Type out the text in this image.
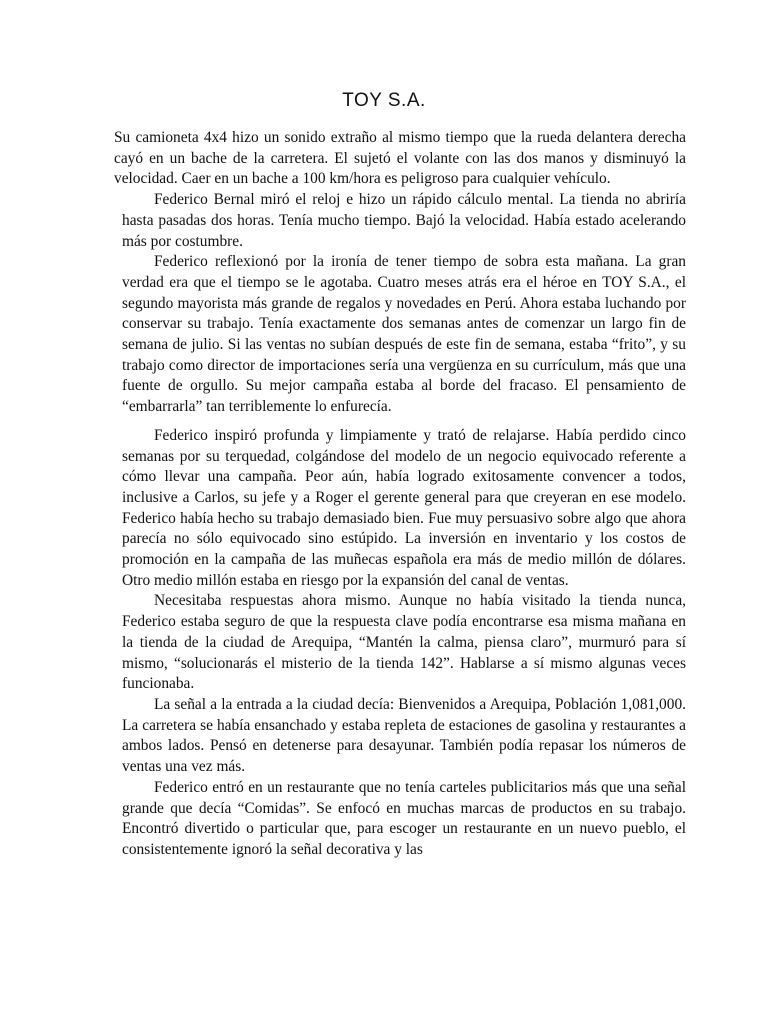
TOY S.A.

Su camioneta 4x4 hizo un sonido extraño al mismo tiempo que la rueda delantera derecha cayó en un bache de la carretera. El sujetó el volante con las dos manos y disminuyó la velocidad. Caer en un bache a 100 km/hora es peligroso para cualquier vehículo.

Federico Bernal miró el reloj e hizo un rápido cálculo mental. La tienda no abriría hasta pasadas dos horas. Tenía mucho tiempo. Bajó la velocidad. Había estado acelerando más por costumbre.

Federico reflexionó por la ironía de tener tiempo de sobra esta mañana. La gran verdad era que el tiempo se le agotaba. Cuatro meses atrás era el héroe en TOY S.A., el segundo mayorista más grande de regalos y novedades en Perú. Ahora estaba luchando por conservar su trabajo. Tenía exactamente dos semanas antes de comenzar un largo fin de semana de julio. Si las ventas no subían después de este fin de semana, estaba “frito”, y su trabajo como director de importaciones sería una vergüenza en su currículum, más que una fuente de orgullo. Su mejor campaña estaba al borde del fracaso. El pensamiento de “embarrarla” tan terriblemente lo enfurecía.

Federico inspiró profunda y limpiamente y trató de relajarse. Había perdido cinco semanas por su terquedad, colgándose del modelo de un negocio equivocado referente a cómo llevar una campaña. Peor aún, había logrado exitosamente convencer a todos, inclusive a Carlos, su jefe y a Roger el gerente general para que creyeran en ese modelo. Federico había hecho su trabajo demasiado bien. Fue muy persuasivo sobre algo que ahora parecía no sólo equivocado sino estúpido. La inversión en inventario y los costos de promoción en la campaña de las muñecas española era más de medio millón de dólares. Otro medio millón estaba en riesgo por la expansión del canal de ventas.

Necesitaba respuestas ahora mismo. Aunque no había visitado la tienda nunca, Federico estaba seguro de que la respuesta clave podía encontrarse esa misma mañana en la tienda de la ciudad de Arequipa, “Mantén la calma, piensa claro”, murmuró para sí mismo, “solucionarás el misterio de la tienda 142”. Hablarse a sí mismo algunas veces funcionaba.

La señal a la entrada a la ciudad decía: Bienvenidos a Arequipa, Población 1,081,000. La carretera se había ensanchado y estaba repleta de estaciones de gasolina y restaurantes a ambos lados. Pensó en detenerse para desayunar. También podía repasar los números de ventas una vez más.

Federico entró en un restaurante que no tenía carteles publicitarios más que una señal grande que decía “Comidas”. Se enfocó en muchas marcas de productos en su trabajo. Encontró divertido o particular que, para escoger un restaurante en un nuevo pueblo, el consistentemente ignoró la señal decorativa y las
